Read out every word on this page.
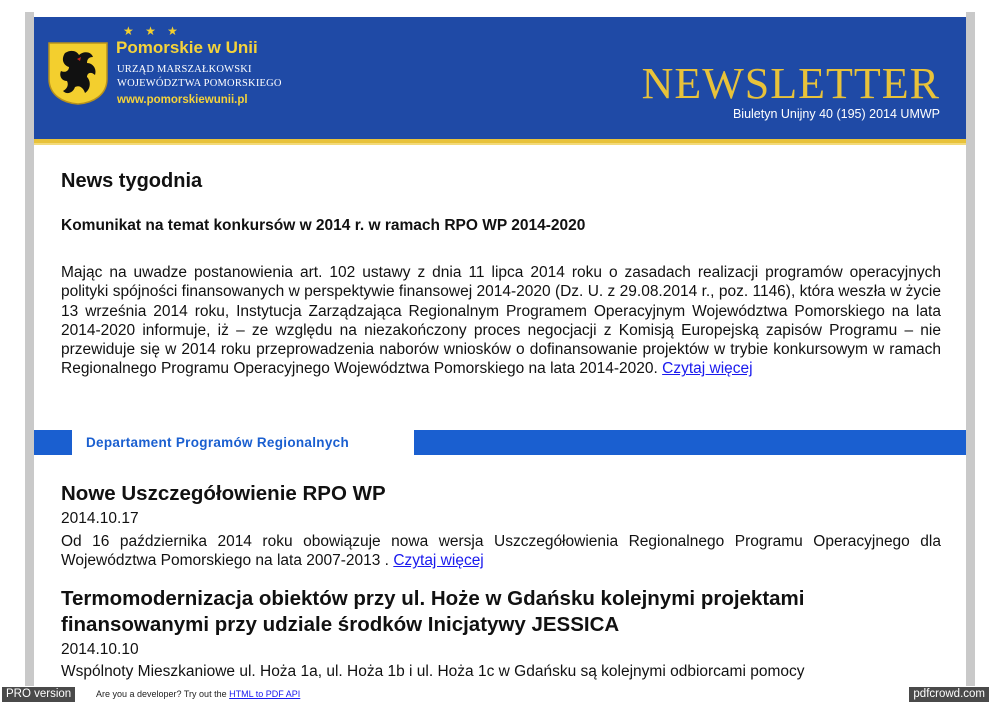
★ ★ ★
Pomorskie w Unii
URZĄD MARSZAŁKOWSKI
WOJEWÓDZTWA POMORSKIEGO
www.pomorskiewunii.pl	NEWSLETTER
Biuletyn Unijny 40 (195) 2014 UMWP
News tygodnia

Komunikat na temat konkursów w 2014 r. w ramach RPO WP 2014-2020

Mając na uwadze postanowienia art. 102 ustawy z dnia 11 lipca 2014 roku o zasadach realizacji programów operacyjnych polityki spójności finansowanych w perspektywie finansowej 2014-2020 (Dz. U. z 29.08.2014 r., poz. 1146), która weszła w życie 13 września 2014 roku, Instytucja Zarządzająca Regionalnym Programem Operacyjnym Województwa Pomorskiego na lata 2014-2020 informuje, iż – ze względu na niezakończony proces negocjacji z Komisją Europejską zapisów Programu – nie przewiduje się w 2014 roku przeprowadzenia naborów wniosków o dofinansowanie projektów w trybie konkursowym w ramach Regionalnego Programu Operacyjnego Województwa Pomorskiego na lata 2014-2020. Czytaj więcej

Departament Programów Regionalnych
Nowe Uszczegółowienie RPO WP
2014.10.17

Od 16 października 2014 roku obowiązuje nowa wersja Uszczegółowienia Regionalnego Programu Operacyjnego dla Województwa Pomorskiego na lata 2007-2013 . Czytaj więcej

Termomodernizacja obiektów przy ul. Hoże w Gdańsku kolejnymi projektami finansowanymi przy udziale środków Inicjatywy JESSICA
2014.10.10

Wspólnoty Mieszkaniowe ul. Hoża 1a, ul. Hoża 1b i ul. Hoża 1c w Gdańsku są kolejnymi odbiorcami pomocy

PRO version	Are you a developer? Try out the HTML to PDF API	pdfcrowd.com
